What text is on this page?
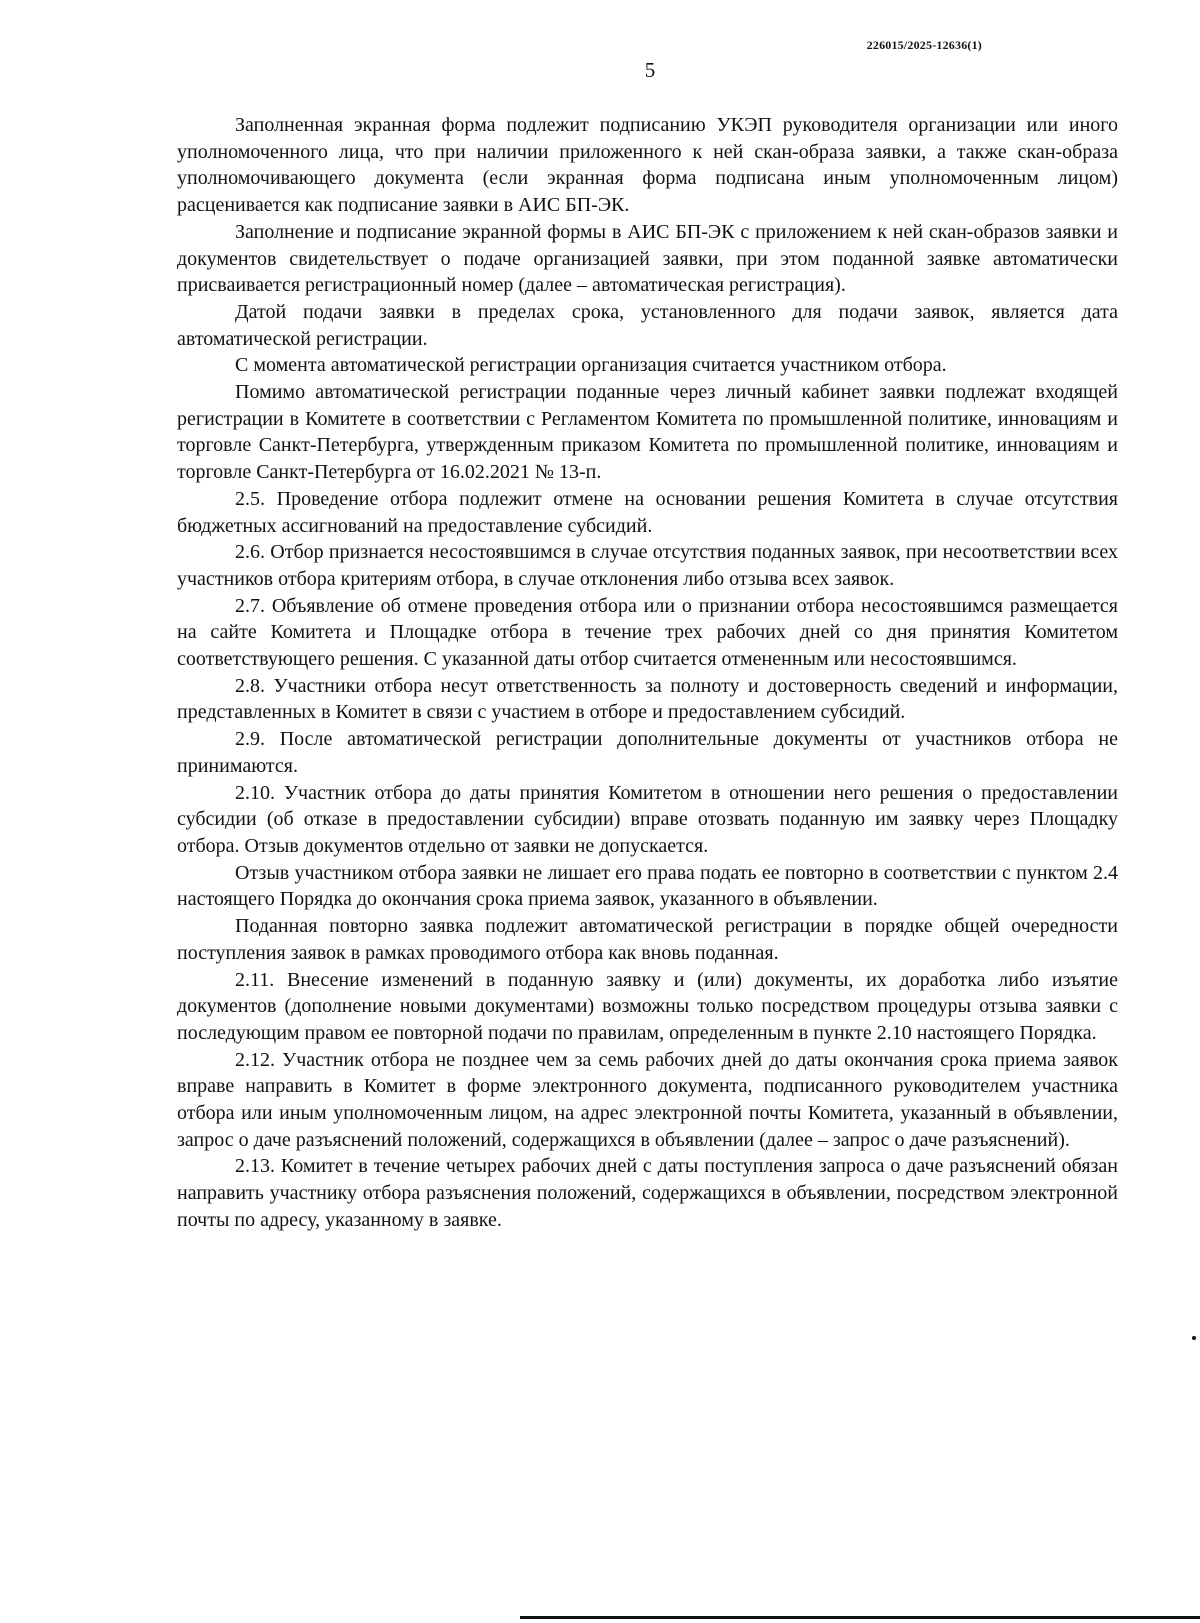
226015/2025-12636(1)
5

Заполненная экранная форма подлежит подписанию УКЭП руководителя организации или иного уполномоченного лица, что при наличии приложенного к ней скан-образа заявки, а также скан-образа уполномочивающего документа (если экранная форма подписана иным уполномоченным лицом) расценивается как подписание заявки в АИС БП-ЭК.

Заполнение и подписание экранной формы в АИС БП-ЭК с приложением к ней скан-образов заявки и документов свидетельствует о подаче организацией заявки, при этом поданной заявке автоматически присваивается регистрационный номер (далее – автоматическая регистрация).

Датой подачи заявки в пределах срока, установленного для подачи заявок, является дата автоматической регистрации.

С момента автоматической регистрации организация считается участником отбора.

Помимо автоматической регистрации поданные через личный кабинет заявки подлежат входящей регистрации в Комитете в соответствии с Регламентом Комитета по промышленной политике, инновациям и торговле Санкт-Петербурга, утвержденным приказом Комитета по промышленной политике, инновациям и торговле Санкт-Петербурга от 16.02.2021 № 13-п.

2.5. Проведение отбора подлежит отмене на основании решения Комитета в случае отсутствия бюджетных ассигнований на предоставление субсидий.

2.6. Отбор признается несостоявшимся в случае отсутствия поданных заявок, при несоответствии всех участников отбора критериям отбора, в случае отклонения либо отзыва всех заявок.

2.7. Объявление об отмене проведения отбора или о признании отбора несостоявшимся размещается на сайте Комитета и Площадке отбора в течение трех рабочих дней со дня принятия Комитетом соответствующего решения. С указанной даты отбор считается отмененным или несостоявшимся.

2.8. Участники отбора несут ответственность за полноту и достоверность сведений и информации, представленных в Комитет в связи с участием в отборе и предоставлением субсидий.

2.9. После автоматической регистрации дополнительные документы от участников отбора не принимаются.

2.10. Участник отбора до даты принятия Комитетом в отношении него решения о предоставлении субсидии (об отказе в предоставлении субсидии) вправе отозвать поданную им заявку через Площадку отбора. Отзыв документов отдельно от заявки не допускается.

Отзыв участником отбора заявки не лишает его права подать ее повторно в соответствии с пунктом 2.4 настоящего Порядка до окончания срока приема заявок, указанного в объявлении.

Поданная повторно заявка подлежит автоматической регистрации в порядке общей очередности поступления заявок в рамках проводимого отбора как вновь поданная.

2.11. Внесение изменений в поданную заявку и (или) документы, их доработка либо изъятие документов (дополнение новыми документами) возможны только посредством процедуры отзыва заявки с последующим правом ее повторной подачи по правилам, определенным в пункте 2.10 настоящего Порядка.

2.12. Участник отбора не позднее чем за семь рабочих дней до даты окончания срока приема заявок вправе направить в Комитет в форме электронного документа, подписанного руководителем участника отбора или иным уполномоченным лицом, на адрес электронной почты Комитета, указанный в объявлении, запрос о даче разъяснений положений, содержащихся в объявлении (далее – запрос о даче разъяснений).

2.13. Комитет в течение четырех рабочих дней с даты поступления запроса о даче разъяснений обязан направить участнику отбора разъяснения положений, содержащихся в объявлении, посредством электронной почты по адресу, указанному в заявке.
